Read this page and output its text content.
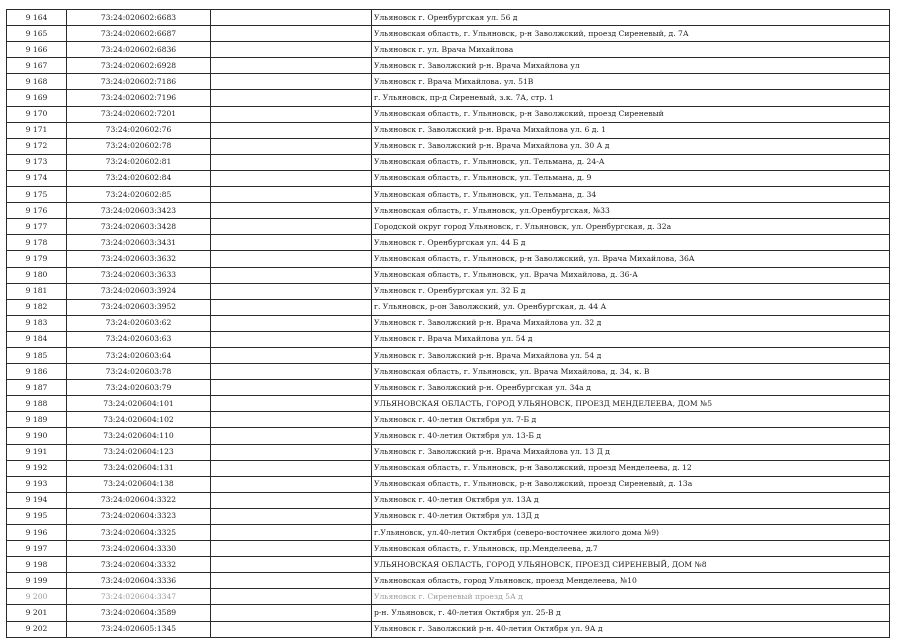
9 164	73:24:020602:6683		Ульяновск г. Оренбургская ул. 56 д
9 165	73:24:020602:6687		Ульяновская область, г. Ульяновск, р-н Заволжский, проезд Сиреневый, д. 7А
9 166	73:24:020602:6836		Ульяновск г. ул. Врача Михайлова
9 167	73:24:020602:6928		Ульяновск г. Заволжский р-н. Врача Михайлова ул
9 168	73:24:020602:7186		Ульяновск г. Врача Михайлова. ул. 51В
9 169	73:24:020602:7196		г. Ульяновск, пр-д Сиреневый, з.к. 7А, стр. 1
9 170	73:24:020602:7201		Ульяновская область, г. Ульяновск, р-н Заволжский, проезд Сиреневый
9 171	73:24:020602:76		Ульяновск г. Заволжский р-н. Врача Михайлова ул. 6 д. 1
9 172	73:24:020602:78		Ульяновск г. Заволжский р-н. Врача Михайлова ул. 30 А д
9 173	73:24:020602:81		Ульяновская область, г. Ульяновск, ул. Тельмана, д. 24-А
9 174	73:24:020602:84		Ульяновская область, г. Ульяновск, ул. Тельмана, д. 9
9 175	73:24:020602:85		Ульяновская область, г. Ульяновск, ул. Тельмана, д. 34
9 176	73:24:020603:3423		Ульяновская область, г. Ульяновск, ул.Оренбургская, №33
9 177	73:24:020603:3428		Городской округ город Ульяновск, г. Ульяновск, ул. Оренбургская, д. 32а
9 178	73:24:020603:3431		Ульяновск г. Оренбургская ул. 44 Б д
9 179	73:24:020603:3632		Ульяновская область, г. Ульяновск, р-н Заволжский, ул. Врача Михайлова, 36А
9 180	73:24:020603:3633		Ульяновская область, г. Ульяновск, ул. Врача Михайлова, д. 36-А
9 181	73:24:020603:3924		Ульяновск г. Оренбургская ул. 32 Б д
9 182	73:24:020603:3952		г. Ульяновск, р-он Заволжский, ул. Оренбургская, д. 44 А
9 183	73:24:020603:62		Ульяновск г. Заволжский р-н. Врача Михайлова ул. 32 д
9 184	73:24:020603:63		Ульяновск г. Врача Михайлова ул. 54 д
9 185	73:24:020603:64		Ульяновск г. Заволжский р-н. Врача Михайлова ул. 54 д
9 186	73:24:020603:78		Ульяновская область, г. Ульяновск, ул. Врача Михайлова, д. 34, к. В
9 187	73:24:020603:79		Ульяновск г. Заволжский р-н. Оренбургская ул. 34а д
9 188	73:24:020604:101		УЛЬЯНОВСКАЯ ОБЛАСТЬ, ГОРОД УЛЬЯНОВСК, ПРОЕЗД МЕНДЕЛЕЕВА, ДОМ №5
9 189	73:24:020604:102		Ульяновск г. 40-летия Октября ул. 7-Б д
9 190	73:24:020604:110		Ульяновск г. 40-летия Октября ул. 13-Б д
9 191	73:24:020604:123		Ульяновск г. Заволжский р-н. Врача Михайлова ул. 13 Д д
9 192	73:24:020604:131		Ульяновская область, г. Ульяновск, р-н Заволжский, проезд Менделеева, д. 12
9 193	73:24:020604:138		Ульяновская область, г. Ульяновск, р-н Заволжский, проезд Сиреневый, д. 13а
9 194	73:24:020604:3322		Ульяновск г. 40-летия Октября ул. 13А д
9 195	73:24:020604:3323		Ульяновск г. 40-летия Октября ул. 13Д д
9 196	73:24:020604:3325		г.Ульяновск, ул.40-летия Октября (северо-восточнее жилого дома №9)
9 197	73:24:020604:3330		Ульяновская область, г. Ульяновск, пр.Менделеева, д.7
9 198	73:24:020604:3332		УЛЬЯНОВСКАЯ ОБЛАСТЬ, ГОРОД УЛЬЯНОВСК, ПРОЕЗД СИРЕНЕВЫЙ, ДОМ №8
9 199	73:24:020604:3336		Ульяновская область, город Ульяновск, проезд Менделеева, №10
9 200	73:24:020604:3347		Ульяновск г. Сиреневый проезд 5А д
9 201	73:24:020604:3589		р-н. Ульяновск, г. 40-летия Октября ул. 25-В д
9 202	73:24:020605:1345		Ульяновск г. Заволжский р-н. 40-летия Октября ул. 9А д
